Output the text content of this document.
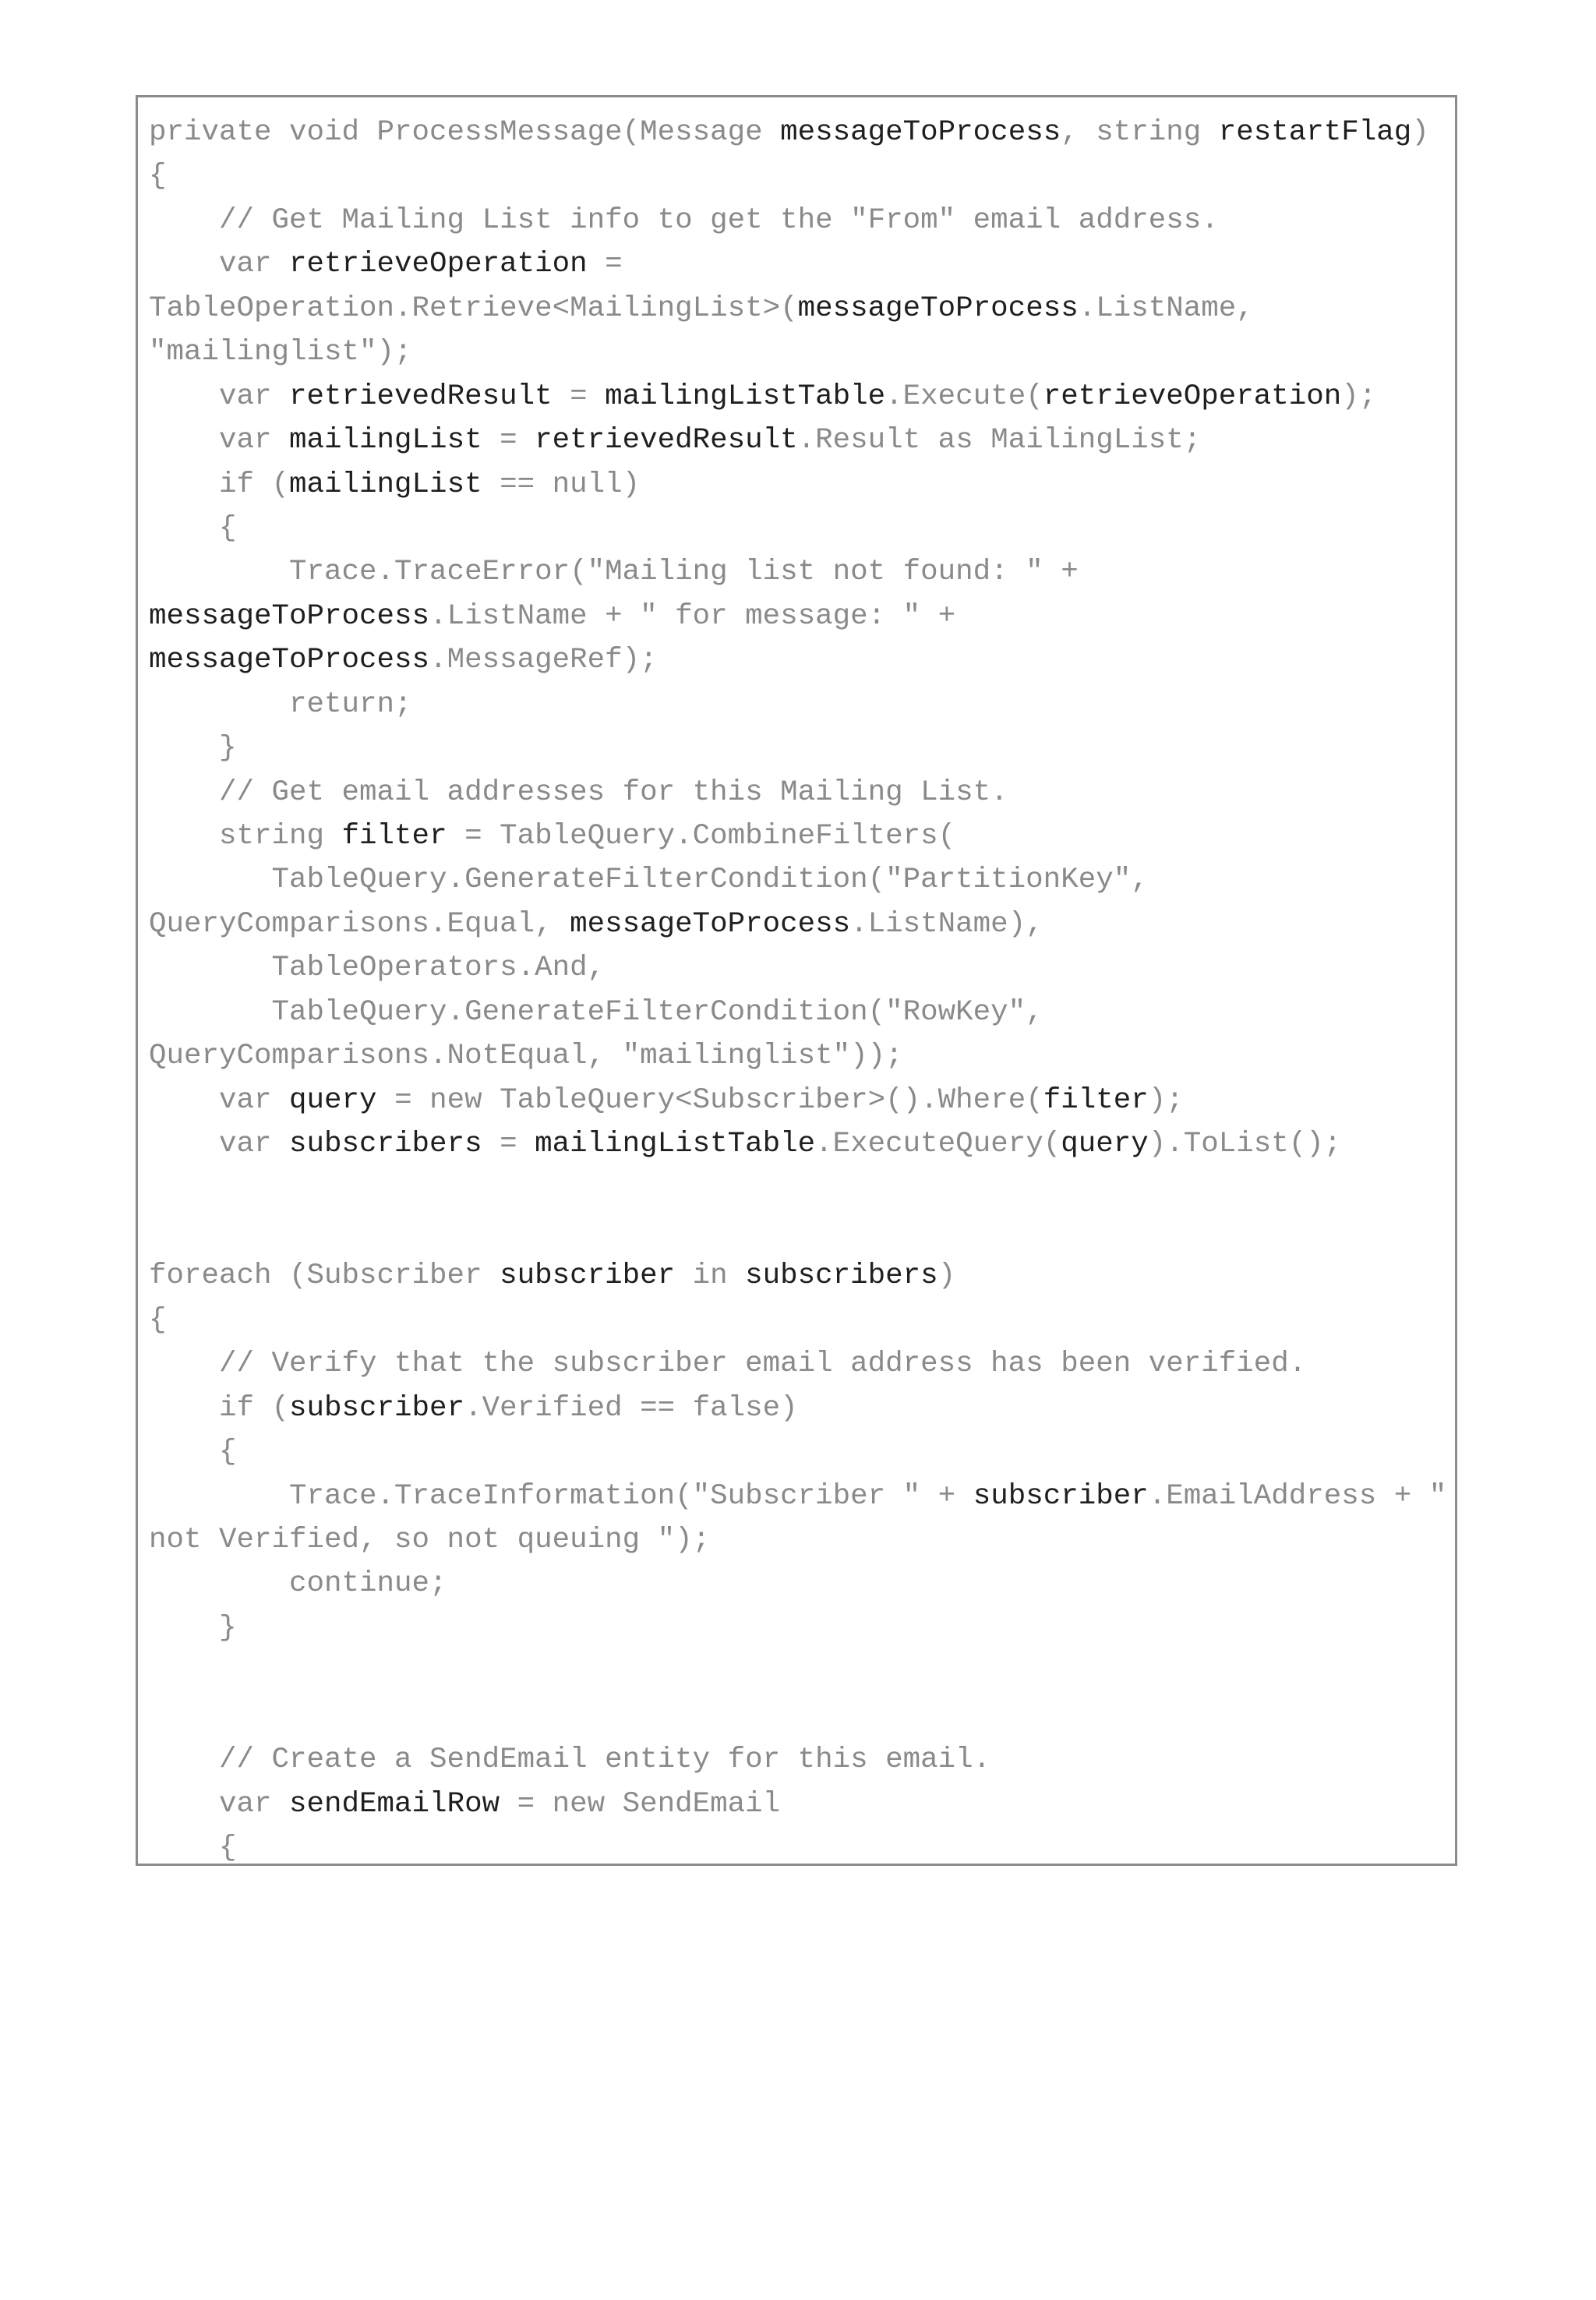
private void ProcessMessage(Message messageToProcess, string restartFlag)
{
// Get Mailing List info to get the "From" email address.
var retrieveOperation =
TableOperation.Retrieve<MailingList>(messageToProcess.ListName,
"mailinglist");
var retrievedResult = mailingListTable.Execute(retrieveOperation);
var mailingList = retrievedResult.Result as MailingList;
if (mailingList == null)
{
Trace.TraceError("Mailing list not found: " +
messageToProcess.ListName + " for message: " +
messageToProcess.MessageRef);
return;
}
// Get email addresses for this Mailing List.
string filter = TableQuery.CombineFilters(
TableQuery.GenerateFilterCondition("PartitionKey",
QueryComparisons.Equal, messageToProcess.ListName),
TableOperators.And,
TableQuery.GenerateFilterCondition("RowKey",
QueryComparisons.NotEqual, "mailinglist"));
var query = new TableQuery<Subscriber>().Where(filter);
var subscribers = mailingListTable.ExecuteQuery(query).ToList();
foreach (Subscriber subscriber in subscribers)
{
// Verify that the subscriber email address has been verified.
if (subscriber.Verified == false)
{
Trace.TraceInformation("Subscriber " + subscriber.EmailAddress + "
not Verified, so not queuing ");
continue;
}
// Create a SendEmail entity for this email.
var sendEmailRow = new SendEmail
{
